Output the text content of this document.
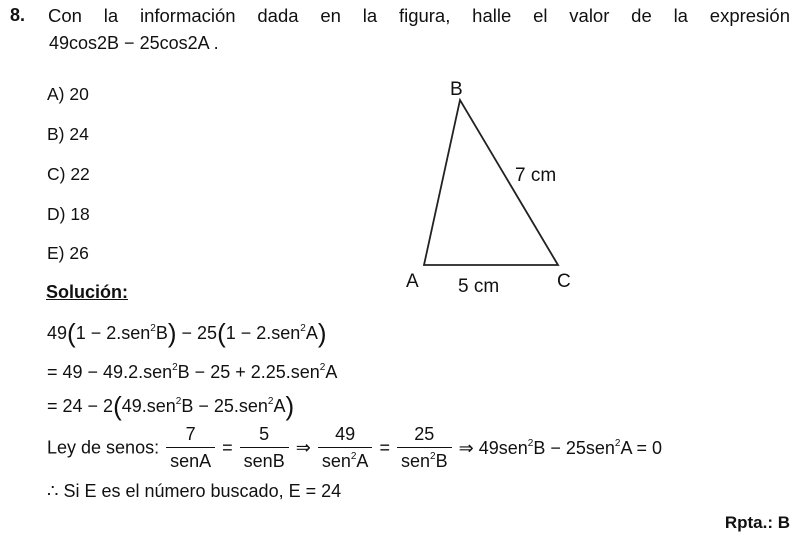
8. Con la información dada en la figura, halle el valor de la expresión
49cos2B − 25cos2A .
A) 20
B) 24
C) 22
D) 18
E) 26
B
7 cm
A 5 cm	C
Solución:
49(1 − 2.sen$^2$B) − 25(1 − 2.sen$^2$A)
= 49 − 49.2.sen$^2$B − 25 + 2.25.sen$^2$A
= 24 − 2(49.sen$^2$B − 25.sen$^2$A)
Ley de senos: $\frac{7}{\text{senA}} = \frac{5}{\text{senB}}$ ⇒ $\frac{49}{sen^2A} = \frac{25}{sen^2B}$ ⇒ 49sen$^2$B − 25sen$^2$A = 0
∴ Si E es el número buscado, E = 24
Rpta.: B
